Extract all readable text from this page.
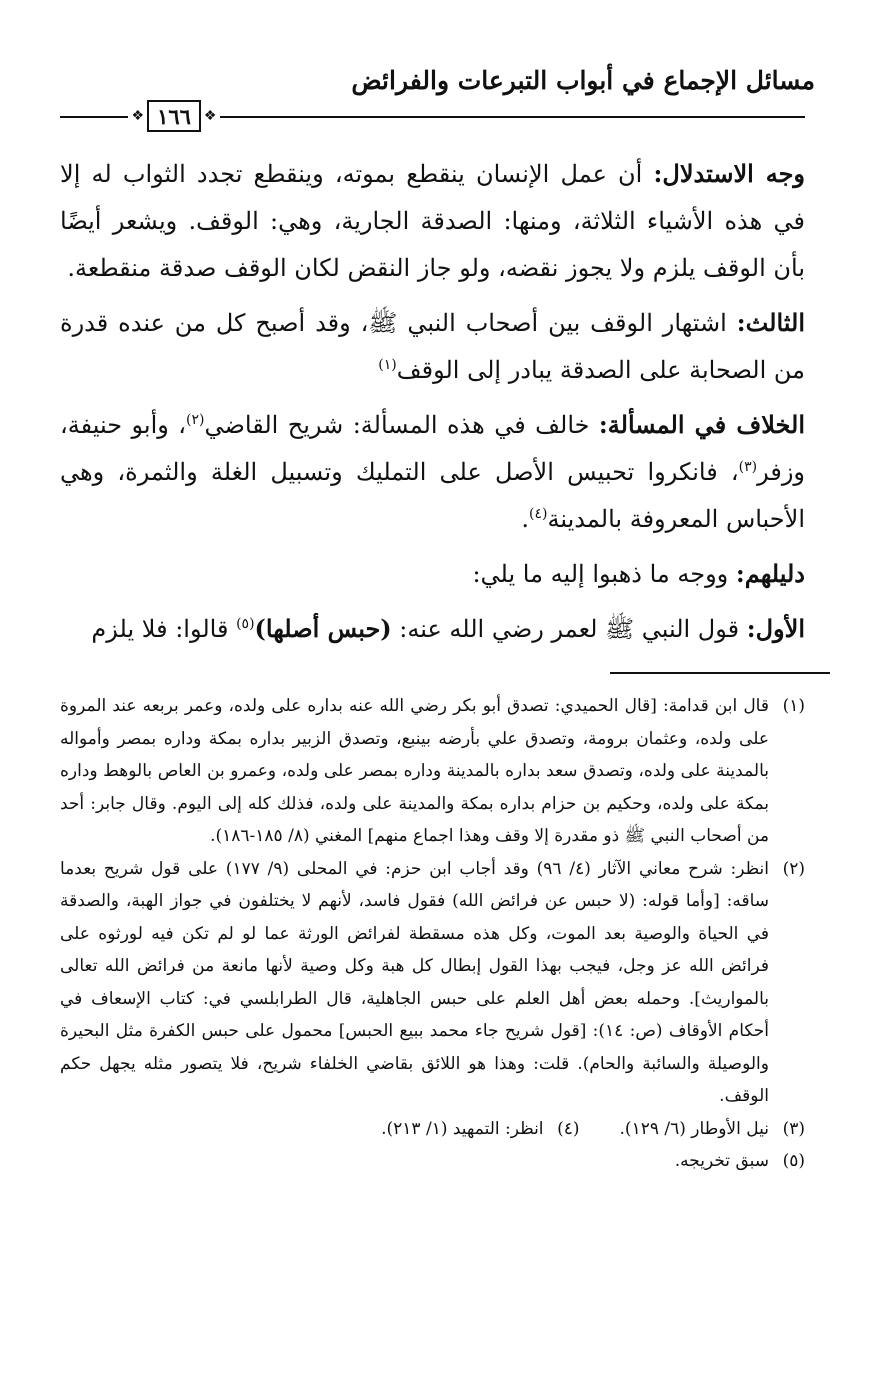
مسائل الإجماع في أبواب التبرعات والفرائض
❖
١٦٦
❖

وجه الاستدلال: أن عمل الإنسان ينقطع بموته، وينقطع تجدد الثواب له إلا في هذه الأشياء الثلاثة، ومنها: الصدقة الجارية، وهي: الوقف. ويشعر أيضًا بأن الوقف يلزم ولا يجوز نقضه، ولو جاز النقض لكان الوقف صدقة منقطعة.

الثالث: اشتهار الوقف بين أصحاب النبي ﷺ، وقد أصبح كل من عنده قدرة من الصحابة على الصدقة يبادر إلى الوقف$^{(١)}$

الخلاف في المسألة: خالف في هذه المسألة: شريح القاضي$^{(٢)}$، وأبو حنيفة، وزفر$^{(٣)}$، فانكروا تحبيس الأصل على التمليك وتسبيل الغلة والثمرة، وهي الأحباس المعروفة بالمدينة$^{(٤)}$.

دليلهم: ووجه ما ذهبوا إليه ما يلي:

الأول: قول النبي ﷺ لعمر رضي الله عنه: (حبس أصلها)$^{(٥)}$ قالوا: فلا يلزم

(١)
قال ابن قدامة: [قال الحميدي: تصدق أبو بكر رضي الله عنه بداره على ولده، وعمر بربعه عند المروة على ولده، وعثمان برومة، وتصدق علي بأرضه بينبع، وتصدق الزبير بداره بمكة وداره بمصر وأمواله بالمدينة على ولده، وتصدق سعد بداره بالمدينة وداره بمصر على ولده، وعمرو بن العاص بالوهط وداره بمكة على ولده، وحكيم بن حزام بداره بمكة والمدينة على ولده، فذلك كله إلى اليوم. وقال جابر: أحد من أصحاب النبي ﷺ ذو مقدرة إلا وقف وهذا اجماع منهم] المغني (٨/ ١٨٥-١٨٦).
(٢)
انظر: شرح معاني الآثار (٤/ ٩٦) وقد أجاب ابن حزم: في المحلى (٩/ ١٧٧) على قول شريح بعدما ساقه: [وأما قوله: (لا حبس عن فرائض الله) فقول فاسد، لأنهم لا يختلفون في جواز الهبة، والصدقة في الحياة والوصية بعد الموت، وكل هذه مسقطة لفرائض الورثة عما لو لم تكن فيه لورثوه على فرائض الله عز وجل، فيجب بهذا القول إبطال كل هبة وكل وصية لأنها مانعة من فرائض الله تعالى بالمواريث]. وحمله بعض أهل العلم على حبس الجاهلية، قال الطرابلسي في: كتاب الإسعاف في أحكام الأوقاف (ص: ١٤): [قول شريح جاء محمد ببيع الحبس] محمول على حبس الكفرة مثل البحيرة والوصيلة والسائبة والحام). قلت: وهذا هو اللائق بقاضي الخلفاء شريح، فلا يتصور مثله يجهل حكم الوقف.
(٣)
نيل الأوطار (٦/ ١٢٩).
(٤)
انظر: التمهيد (١/ ٢١٣).
(٥)
سبق تخريجه.
